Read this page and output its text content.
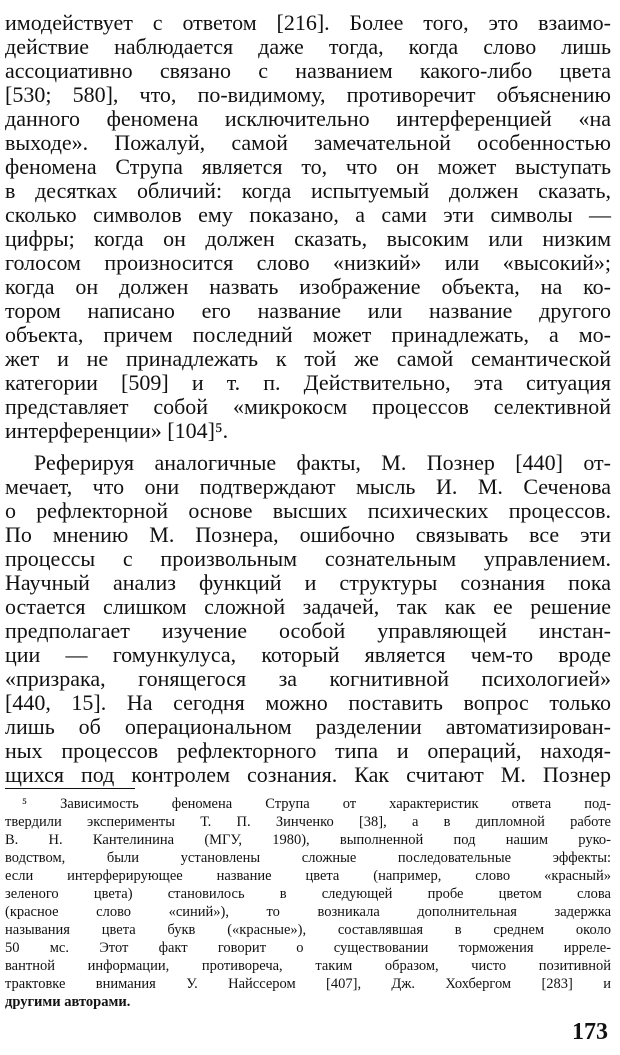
имодействует с ответом [216]. Более того, это взаимо-
действие наблюдается даже тогда, когда слово лишь
ассоциативно связано с названием какого-либо цвета
[530; 580], что, по-видимому, противоречит объяснению
данного феномена исключительно интерференцией «на
выходе». Пожалуй, самой замечательной особенностью
феномена Струпа является то, что он может выступать
в десятках обличий: когда испытуемый должен сказать,
сколько символов ему показано, а сами эти символы —
цифры; когда он должен сказать, высоким или низким
голосом произносится слово «низкий» или «высокий»;
когда он должен назвать изображение объекта, на ко-
тором написано его название или название другого
объекта, причем последний может принадлежать, а мо-
жет и не принадлежать к той же самой семантической
категории [509] и т. п. Действительно, эта ситуация
представляет собой «микрокосм процессов селективной
интерференции» [104]⁵.
Реферируя аналогичные факты, М. Познер [440] от-
мечает, что они подтверждают мысль И. М. Сеченова
о рефлекторной основе высших психических процессов.
По мнению М. Познера, ошибочно связывать все эти
процессы с произвольным сознательным управлением.
Научный анализ функций и структуры сознания пока
остается слишком сложной задачей, так как ее решение
предполагает изучение особой управляющей инстан-
ции — гомункулуса, который является чем-то вроде
«призрака, гонящегося за когнитивной психологией»
[440, 15]. На сегодня можно поставить вопрос только
лишь об операциональном разделении автоматизирован-
ных процессов рефлекторного типа и операций, находя-
щихся под контролем сознания. Как считают М. Познер
⁵ Зависимость феномена Струпа от характеристик ответа под-
твердили эксперименты Т. П. Зинченко [38], а в дипломной работе
В. Н. Кантелинина (МГУ, 1980), выполненной под нашим руко-
водством, были установлены сложные последовательные эффекты:
если интерферирующее название цвета (например, слово «красный»
зеленого цвета) становилось в следующей пробе цветом слова
(красное слово «синий»), то возникала дополнительная задержка
называния цвета букв («красные»), составлявшая в среднем около
50 мс. Этот факт говорит о существовании торможения ирреле-
вантной информации, противореча, таким образом, чисто позитивной
трактовке внимания У. Найссером [407], Дж. Хохбергом [283] и
другими авторами.
173
